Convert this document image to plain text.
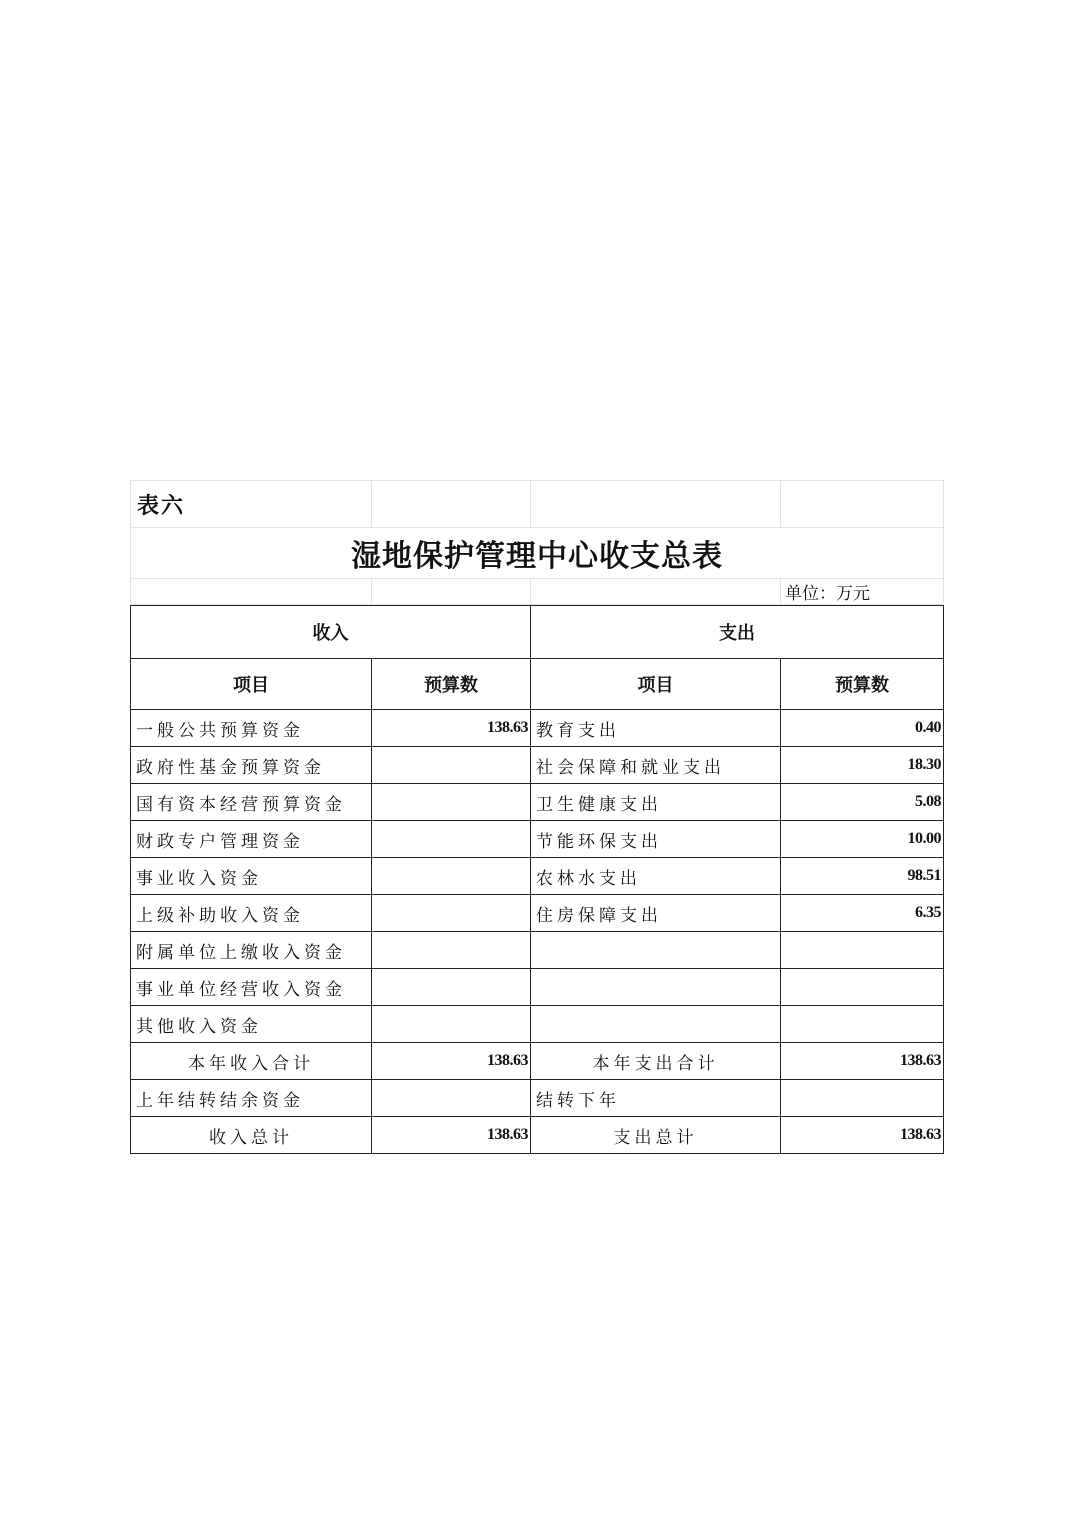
表六			
湿地保护管理中心收支总表			
			单位：万元
收入		支出	
项目	预算数	项目	预算数
一般公共预算资金	138.63	教育支出	0.40
政府性基金预算资金		社会保障和就业支出	18.30
国有资本经营预算资金		卫生健康支出	5.08
财政专户管理资金		节能环保支出	10.00
事业收入资金		农林水支出	98.51
上级补助收入资金		住房保障支出	6.35
附属单位上缴收入资金			
事业单位经营收入资金			
其他收入资金			
本年收入合计	138.63	本年支出合计	138.63
上年结转结余资金		结转下年	
收入总计	138.63	支出总计	138.63
